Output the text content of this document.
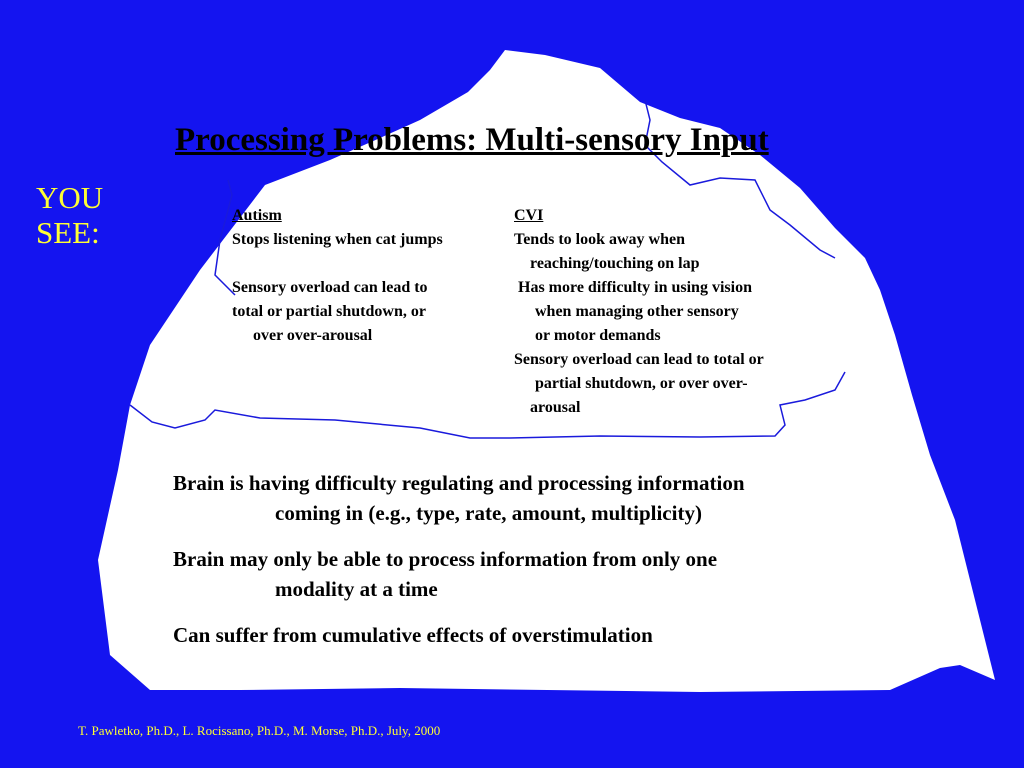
YOU
SEE:
Processing Problems: Multi-sensory Input
Autism
Stops listening when cat jumps
Sensory overload can lead to
total or partial shutdown, or
over over-arousal
CVI
Tends to look away when
reaching/touching on lap
Has more difficulty in using vision
when managing other sensory
or motor demands
Sensory overload can lead to total or
partial shutdown, or over over-
arousal
Brain is having difficulty regulating and processing information
coming in (e.g., type, rate, amount, multiplicity)
Brain may only be able to process information from only one
modality at a time
Can suffer from cumulative effects of overstimulation
T. Pawletko, Ph.D., L. Rocissano, Ph.D., M. Morse, Ph.D., July, 2000
